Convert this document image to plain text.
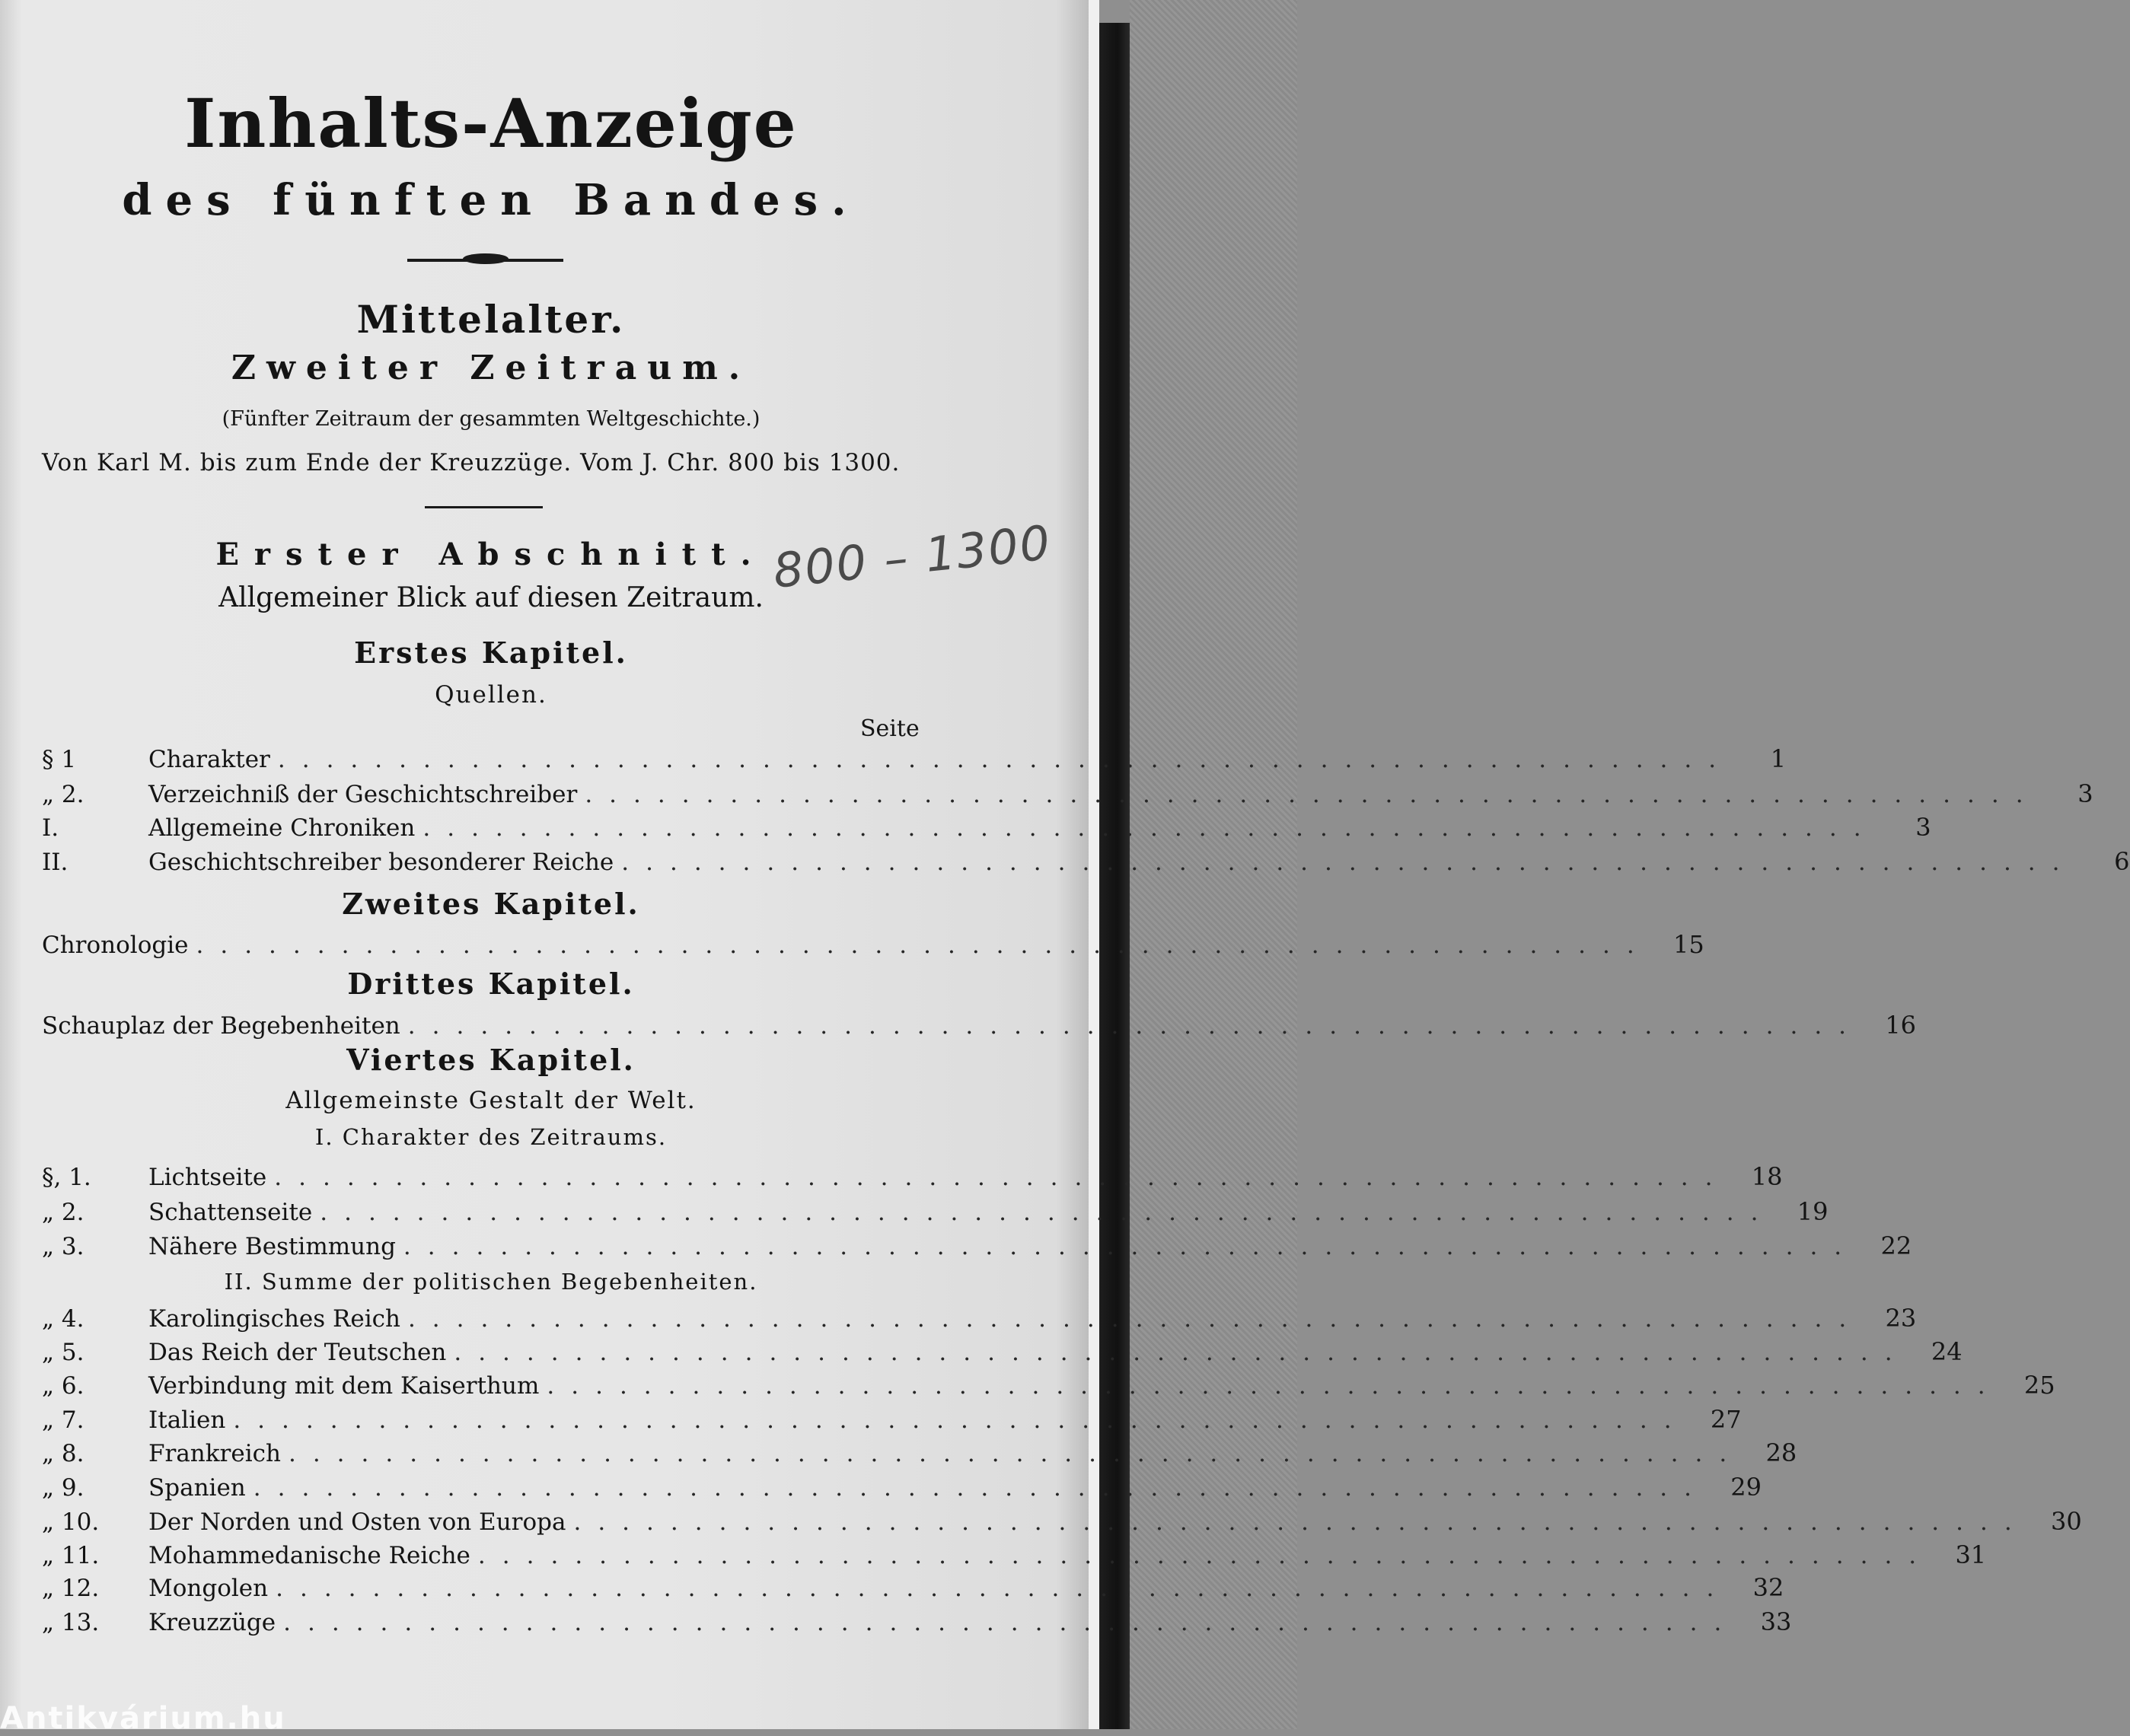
Inhalts-Anzeige
des fünften Bandes.
Mittelalter.
Zweiter Zeitraum.
(Fünfter Zeitraum der gesammten Weltgeschichte.)
Von Karl M. bis zum Ende der Kreuzzüge. Vom J. Chr. 800 bis 1300.
Erster Abschnitt.
Allgemeiner Blick auf diesen Zeitraum. 800 – 1300
Erstes Kapitel.
Quellen.
Seite
§ 1	Charakter ............................................................	1
„ 2.	Verzeichniß der Geschichtschreiber ............................................................	3
I.	Allgemeine Chroniken ............................................................	3
II.	Geschichtschreiber besonderer Reiche ............................................................	6
Chronologie ............................................................ 15
Schauplaz der Begebenheiten ............................................................ 16
§, 1.	Lichtseite ............................................................ 18
„ 2.	Schattenseite ............................................................ 19
„ 3.	Nähere Bestimmung ............................................................ 22
„ 4.	Karolingisches Reich ............................................................ 23
„ 5.	Das Reich der Teutschen ............................................................ 24
„ 6.	Verbindung mit dem Kaiserthum ............................................................ 25
„ 7.	Italien ............................................................ 27
„ 8.	Frankreich ............................................................ 28
„ 9.	Spanien ............................................................ 29
„ 10.	Der Norden und Osten von Europa ............................................................ 30
„ 11.	Mohammedanische Reiche ............................................................ 31
„ 12.	Mongolen ............................................................ 32
„ 13.	Kreuzzüge ............................................................ 33
Zweites Kapitel.
Drittes Kapitel.
Viertes Kapitel.
Allgemeinste Gestalt der Welt.
I. Charakter des Zeitraums.
II. Summe der politischen Begebenheiten.
Antikvárium.hu
